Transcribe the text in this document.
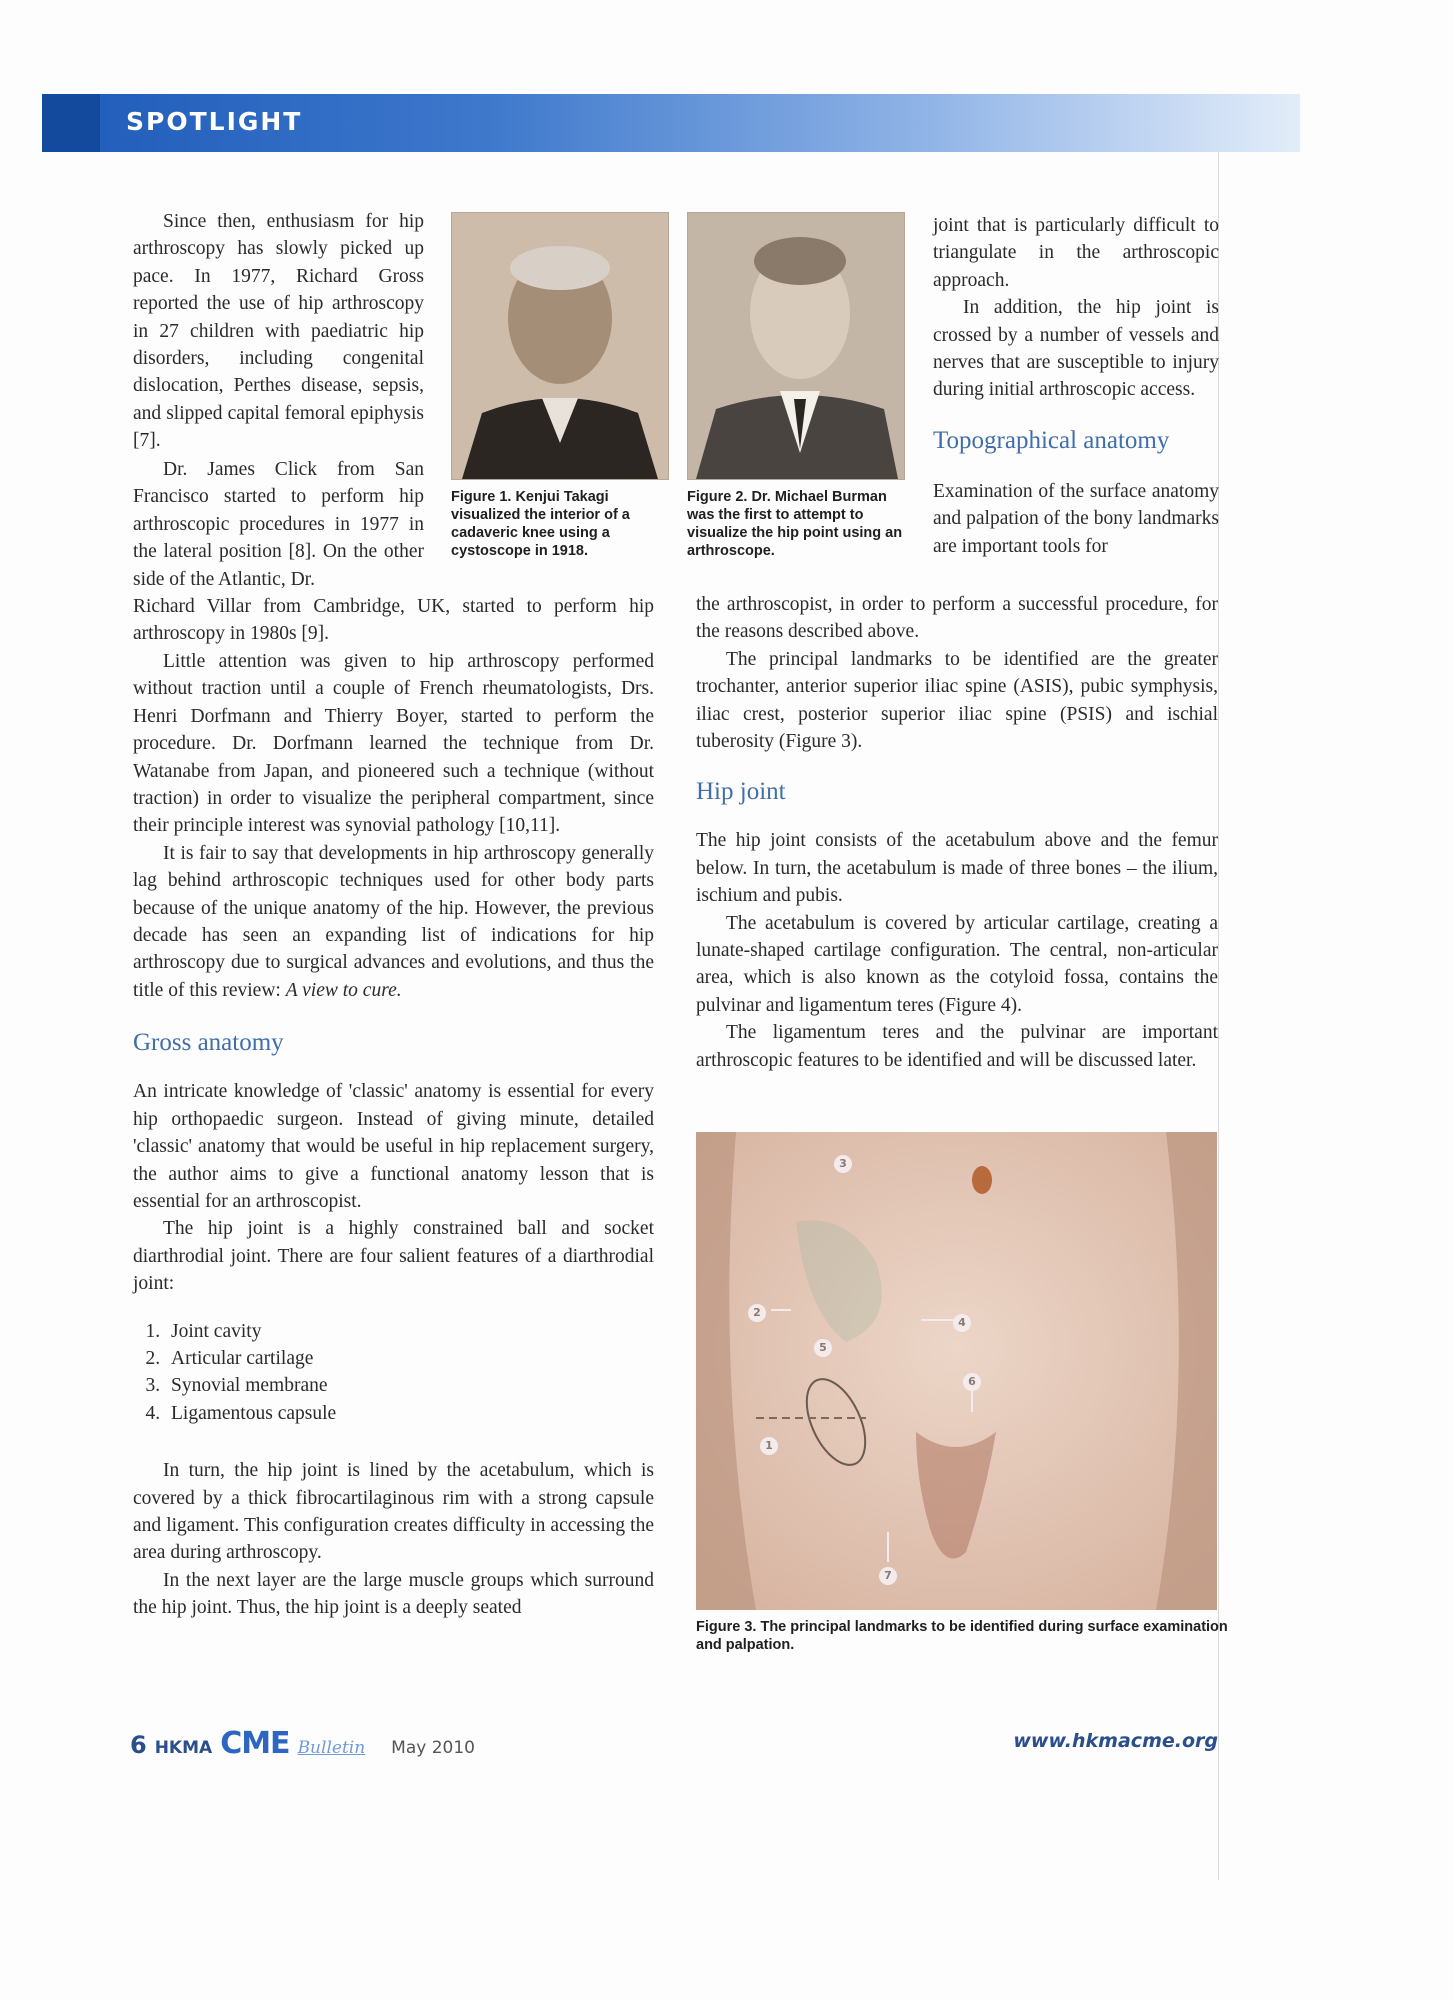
SPOTLIGHT

Since then, enthusiasm for hip arthroscopy has slowly picked up pace. In 1977, Richard Gross reported the use of hip arthroscopy in 27 children with paediatric hip disorders, including congenital dislocation, Perthes disease, sepsis, and slipped capital femoral epiphysis [7].

Dr. James Click from San Francisco started to perform hip arthroscopic procedures in 1977 in the lateral position [8]. On the other side of the Atlantic, Dr.
Richard Villar from Cambridge, UK, started to perform hip arthroscopy in 1980s [9].

Figure 1. Kenjui Takagi visualized the interior of a cadaveric knee using a cystoscope in 1918.
Figure 2. Dr. Michael Burman was the first to attempt to visualize the hip point using an arthroscope.

joint that is particularly difficult to triangulate in the arthroscopic approach.

In addition, the hip joint is crossed by a number of vessels and nerves that are susceptible to injury during initial arthroscopic access.

Topographical anatomy

Examination of the surface anatomy and palpation of the bony landmarks are important tools for

Little attention was given to hip arthroscopy performed without traction until a couple of French rheumatologists, Drs. Henri Dorfmann and Thierry Boyer, started to perform the procedure. Dr. Dorfmann learned the technique from Dr. Watanabe from Japan, and pioneered such a technique (without traction) in order to visualize the peripheral compartment, since their principle interest was synovial pathology [10,11].

It is fair to say that developments in hip arthroscopy generally lag behind arthroscopic techniques used for other body parts because of the unique anatomy of the hip. However, the previous decade has seen an expanding list of indications for hip arthroscopy due to surgical advances and evolutions, and thus the title of this review: A view to cure.

Gross anatomy

An intricate knowledge of 'classic' anatomy is essential for every hip orthopaedic surgeon. Instead of giving minute, detailed 'classic' anatomy that would be useful in hip replacement surgery, the author aims to give a functional anatomy lesson that is essential for an arthroscopist.

The hip joint is a highly constrained ball and socket diarthrodial joint. There are four salient features of a diarthrodial joint:

1. Joint cavity
2. Articular cartilage
3. Synovial membrane
4. Ligamentous capsule

In turn, the hip joint is lined by the acetabulum, which is covered by a thick fibrocartilaginous rim with a strong capsule and ligament. This configuration creates difficulty in accessing the area during arthroscopy.

In the next layer are the large muscle groups which surround the hip joint. Thus, the hip joint is a deeply seated

the arthroscopist, in order to perform a successful procedure, for the reasons described above.

The principal landmarks to be identified are the greater trochanter, anterior superior iliac spine (ASIS), pubic symphysis, iliac crest, posterior superior iliac spine (PSIS) and ischial tuberosity (Figure 3).

Hip joint

The hip joint consists of the acetabulum above and the femur below. In turn, the acetabulum is made of three bones – the ilium, ischium and pubis.

The acetabulum is covered by articular cartilage, creating a lunate-shaped cartilage configuration. The central, non-articular area, which is also known as the cotyloid fossa, contains the pulvinar and ligamentum teres (Figure 4).

The ligamentum teres and the pulvinar are important arthroscopic features to be identified and will be discussed later.

3
2
4
5
6
1
7
Figure 3. The principal landmarks to be identified during surface examination and palpation.
6 HKMA CME Bulletin May 2010	www.hkmacme.org
